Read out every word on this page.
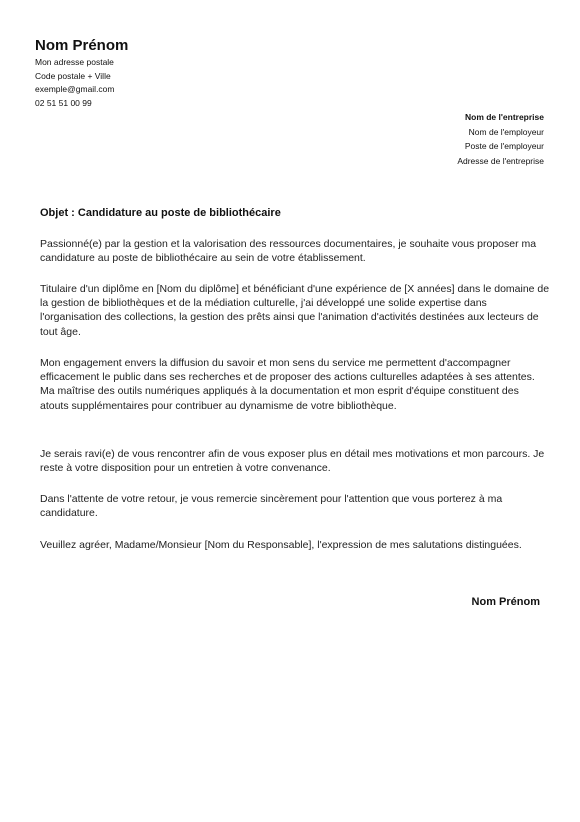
Nom Prénom
Mon adresse postale
Code postale + Ville
exemple@gmail.com
02 51 51 00 99
Nom de l'entreprise
Nom de l'employeur
Poste de l'employeur
Adresse de l'entreprise
Objet : Candidature au poste de bibliothécaire

Passionné(e) par la gestion et la valorisation des ressources documentaires, je souhaite vous proposer ma candidature au poste de bibliothécaire au sein de votre établissement.

Titulaire d'un diplôme en [Nom du diplôme] et bénéficiant d'une expérience de [X années] dans le domaine de la gestion de bibliothèques et de la médiation culturelle, j'ai développé une solide expertise dans l'organisation des collections, la gestion des prêts ainsi que l'animation d'activités destinées aux lecteurs de tout âge.

Mon engagement envers la diffusion du savoir et mon sens du service me permettent d'accompagner efficacement le public dans ses recherches et de proposer des actions culturelles adaptées à ses attentes. Ma maîtrise des outils numériques appliqués à la documentation et mon esprit d'équipe constituent des atouts supplémentaires pour contribuer au dynamisme de votre bibliothèque.

Je serais ravi(e) de vous rencontrer afin de vous exposer plus en détail mes motivations et mon parcours. Je reste à votre disposition pour un entretien à votre convenance.

Dans l'attente de votre retour, je vous remercie sincèrement pour l'attention que vous porterez à ma candidature.

Veuillez agréer, Madame/Monsieur [Nom du Responsable], l'expression de mes salutations distinguées.

Nom Prénom
